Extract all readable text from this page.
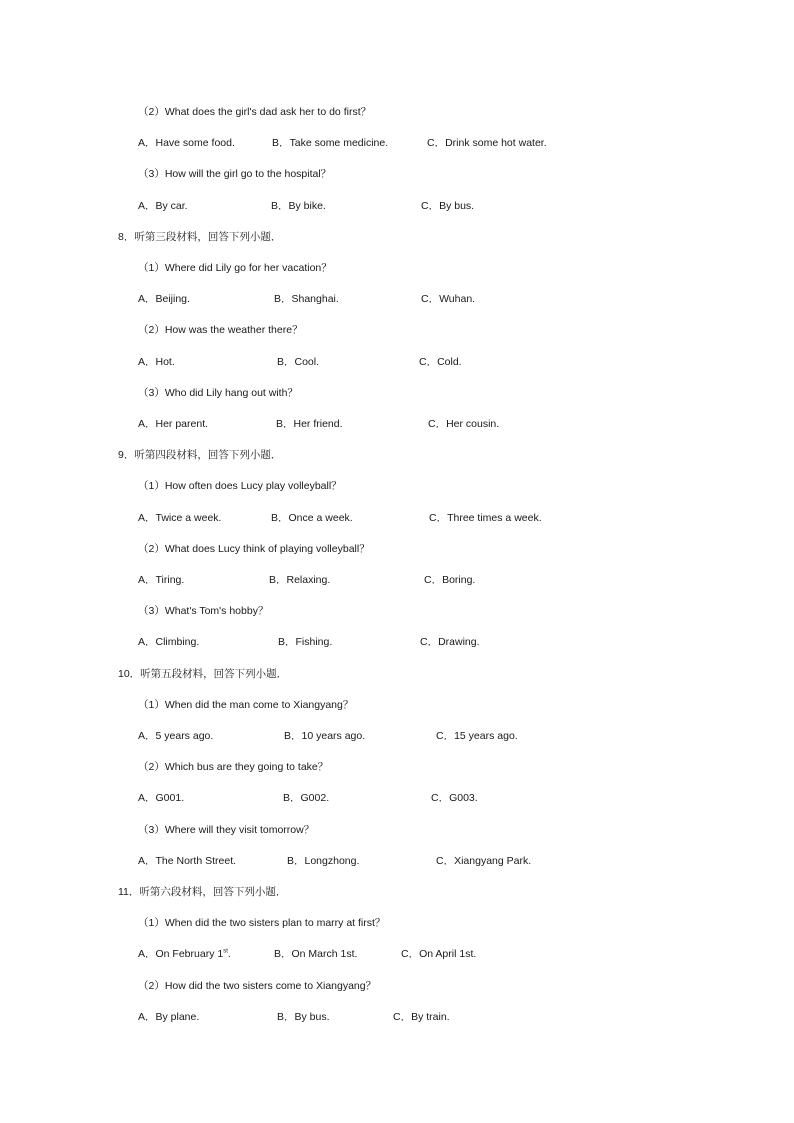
（2）What does the girl's dad ask her to do first？
A．Have some food.	B．Take some medicine.	C．Drink some hot water.
（3）How will the girl go to the hospital？
A．By car.	B．By bike.	C．By bus.
8．听第三段材料，回答下列小题．
（1）Where did Lily go for her vacation？
A．Beijing.	B．Shanghai.	C．Wuhan.
（2）How was the weather there？
A．Hot.	B．Cool.	C．Cold.
（3）Who did Lily hang out with？
A．Her parent.	B．Her friend.	C．Her cousin.
9．听第四段材料，回答下列小题．
（1）How often does Lucy play volleyball？
A．Twice a week.	B．Once a week.	C．Three times a week.
（2）What does Lucy think of playing volleyball？
A．Tiring.	B．Relaxing.	C．Boring.
（3）What's Tom's hobby？
A．Climbing.	B．Fishing.	C．Drawing.
10．听第五段材料，回答下列小题．
（1）When did the man come to Xiangyang？
A．5 years ago.	B．10 years ago.	C．15 years ago.
（2）Which bus are they going to take？
A．G001.	B．G002.	C．G003.
（3）Where will they visit tomorrow？
A．The North Street.	B．Longzhong.	C．Xiangyang Park.
11．听第六段材料，回答下列小题．
（1）When did the two sisters plan to marry at first？
A．On February 1st.	B．On March 1st.	C．On April 1st.
（2）How did the two sisters come to Xiangyang？
A．By plane.	B．By bus.	C．By train.
